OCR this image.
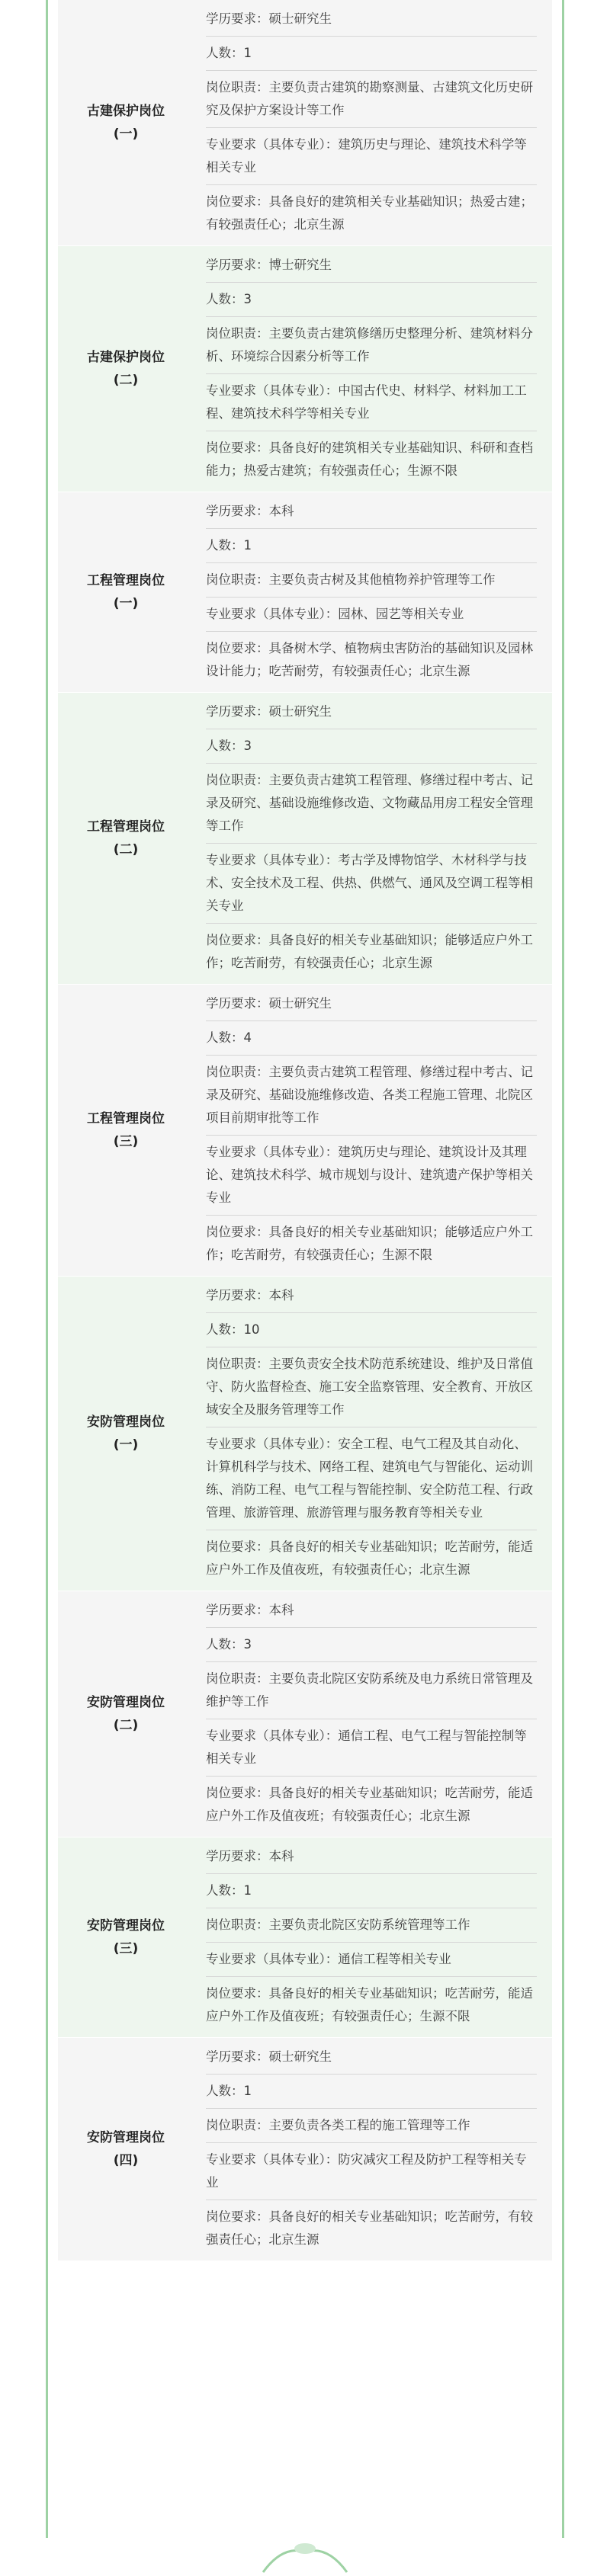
古建保护岗位
(一)
学历要求：硕士研究生
人数：1
岗位职责：主要负责古建筑的勘察测量、古建筑文化历史研究及保护方案设计等工作
专业要求（具体专业）：建筑历史与理论、建筑技术科学等相关专业
岗位要求：具备良好的建筑相关专业基础知识；热爱古建；有较强责任心；北京生源
古建保护岗位
(二)
学历要求：博士研究生
人数：3
岗位职责：主要负责古建筑修缮历史整理分析、建筑材料分析、环境综合因素分析等工作
专业要求（具体专业）：中国古代史、材料学、材料加工工程、建筑技术科学等相关专业
岗位要求：具备良好的建筑相关专业基础知识、科研和查档能力；热爱古建筑；有较强责任心；生源不限
工程管理岗位
(一)
学历要求：本科
人数：1
岗位职责：主要负责古树及其他植物养护管理等工作
专业要求（具体专业）：园林、园艺等相关专业
岗位要求：具备树木学、植物病虫害防治的基础知识及园林设计能力；吃苦耐劳，有较强责任心；北京生源
工程管理岗位
(二)
学历要求：硕士研究生
人数：3
岗位职责：主要负责古建筑工程管理、修缮过程中考古、记录及研究、基础设施维修改造、文物藏品用房工程安全管理等工作
专业要求（具体专业）：考古学及博物馆学、木材科学与技术、安全技术及工程、供热、供燃气、通风及空调工程等相关专业
岗位要求：具备良好的相关专业基础知识；能够适应户外工作；吃苦耐劳，有较强责任心；北京生源
工程管理岗位
(三)
学历要求：硕士研究生
人数：4
岗位职责：主要负责古建筑工程管理、修缮过程中考古、记录及研究、基础设施维修改造、各类工程施工管理、北院区项目前期审批等工作
专业要求（具体专业）：建筑历史与理论、建筑设计及其理论、建筑技术科学、城市规划与设计、建筑遗产保护等相关专业
岗位要求：具备良好的相关专业基础知识；能够适应户外工作；吃苦耐劳，有较强责任心；生源不限
安防管理岗位
(一)
学历要求：本科
人数：10
岗位职责：主要负责安全技术防范系统建设、维护及日常值守、防火监督检查、施工安全监察管理、安全教育、开放区域安全及服务管理等工作
专业要求（具体专业）：安全工程、电气工程及其自动化、计算机科学与技术、网络工程、建筑电气与智能化、运动训练、消防工程、电气工程与智能控制、安全防范工程、行政管理、旅游管理、旅游管理与服务教育等相关专业
岗位要求：具备良好的相关专业基础知识；吃苦耐劳，能适应户外工作及值夜班，有较强责任心；北京生源
安防管理岗位
(二)
学历要求：本科
人数：3
岗位职责：主要负责北院区安防系统及电力系统日常管理及维护等工作
专业要求（具体专业）：通信工程、电气工程与智能控制等相关专业
岗位要求：具备良好的相关专业基础知识；吃苦耐劳，能适应户外工作及值夜班；有较强责任心；北京生源
安防管理岗位
(三)
学历要求：本科
人数：1
岗位职责：主要负责北院区安防系统管理等工作
专业要求（具体专业）：通信工程等相关专业
岗位要求：具备良好的相关专业基础知识；吃苦耐劳，能适应户外工作及值夜班；有较强责任心；生源不限
安防管理岗位
(四)
学历要求：硕士研究生
人数：1
岗位职责：主要负责各类工程的施工管理等工作
专业要求（具体专业）：防灾减灾工程及防护工程等相关专业
岗位要求：具备良好的相关专业基础知识；吃苦耐劳，有较强责任心；北京生源
